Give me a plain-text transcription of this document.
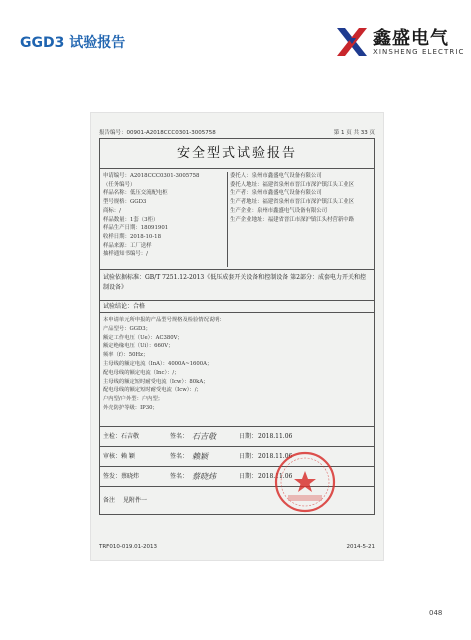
GGD3 试验报告	鑫盛电气
XINSHENG ELECTRIC
报告编号：00901-A2018CCC0301-3005758	第 1 页 共 33 页
安全型式试验报告
申请编号：A2018CCC0301-3005758
（任务编号）
样品名称：低压交流配电柜
型号规格：GGD3
商标：/
样品数量：1套（3柜）
样品生产日期：18091901
收样日期：2018-10-18
样品来源：工厂送样
抽样通知书编号：/
委托人：泉州市鑫盛电气设备有限公司
委托人地址：福建省泉州市晋江市深沪镇江头工业区
生产者：泉州市鑫盛电气设备有限公司
生产者地址：福建省泉州市晋江市深沪镇江头工业区
生产企业：泉州市鑫盛电气设备有限公司
生产企业地址：福建省晋江市深沪镇江头村营新中路
试验依据标准：GB/T 7251.12-2013《低压成套开关设备和控制设备 第2部分：成套电力开关和控制设备》
试验结论：合格
本申请单元所申报的产品型号规格及检验情况说明：
产品型号：GGD3；
额定工作电压（Ue）：AC380V；
额定绝缘电压（Ui）：660V；
频率（f）：50Hz；
主母线的额定电流（InA）：4000A~1600A；
配电母线的额定电流（Inc）：/；
主母线的额定短时耐受电流（Icw）：80kA；
配电母线的额定短时耐受电流（Icw）：/；
户内型/户外型：户内型；
外壳防护等级：IP30；
主检：石吉敬	签名： 石吉敬	日期： 2018.11.06
审核：赖 颖	签名： 赖颖	日期： 2018.11.06
签发：蔡晓炜	签名： 蔡晓炜	日期： 2018.11.06
备注 见附件一
TRF010-019.01-2013	2014-5-21
048
